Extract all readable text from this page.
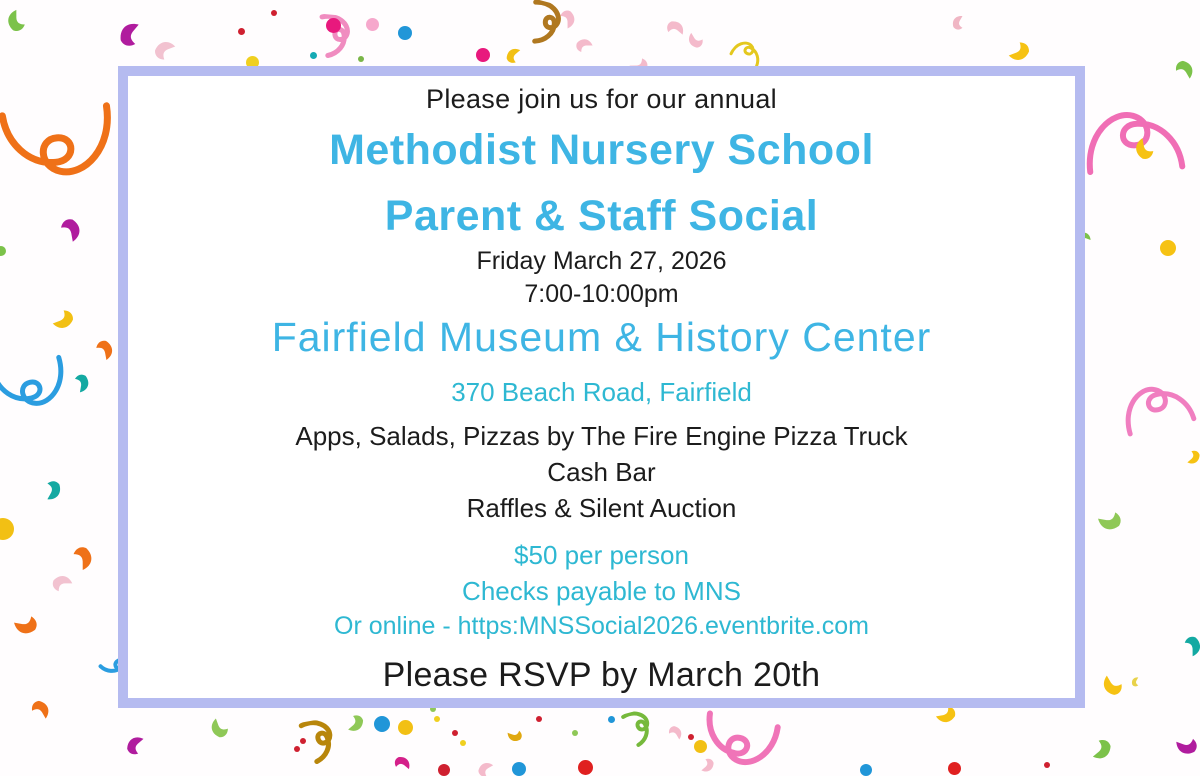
Please join us for our annual
Methodist Nursery School
Parent & Staff Social
Friday March 27, 2026
7:00-10:00pm
Fairfield Museum & History Center
370 Beach Road, Fairfield
Apps, Salads, Pizzas by The Fire Engine Pizza Truck
Cash Bar
Raffles & Silent Auction
$50 per person
Checks payable to MNS
Or online - https:MNSSocial2026.eventbrite.com
Please RSVP by March 20th
